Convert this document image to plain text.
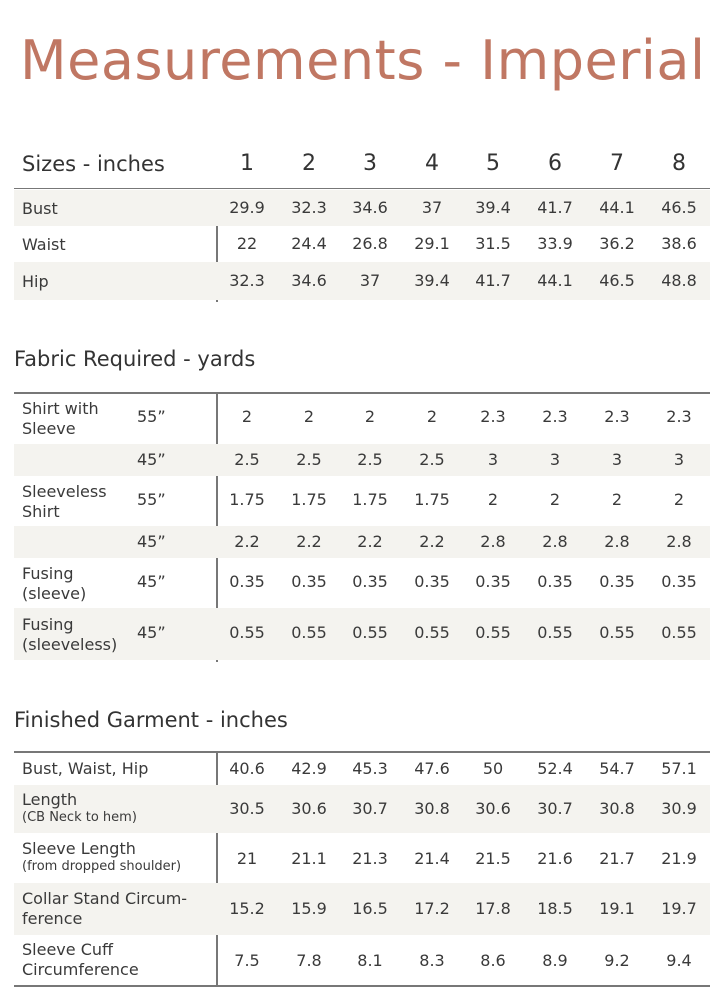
Measurements - Imperial
Sizes - inches	1	2	3	4	5	6	7	8
Bust	29.9	32.3	34.6	37	39.4	41.7	44.1	46.5
Waist	22	24.4	26.8	29.1	31.5	33.9	36.2	38.6
Hip	32.3	34.6	37	39.4	41.7	44.1	46.5	48.8
Fabric Required - yards
Shirt with
Sleeve
55”	2	2	2	2	2.3	2.3	2.3	2.3
45”	2.5	2.5	2.5	2.5	3	3	3	3
Sleeveless
Shirt
55”	1.75	1.75	1.75	1.75	2	2	2	2
45”	2.2	2.2	2.2	2.2	2.8	2.8	2.8	2.8
Fusing
(sleeve)
45”	0.35	0.35	0.35	0.35	0.35	0.35	0.35	0.35
Fusing
(sleeveless)
45”	0.55	0.55	0.55	0.55	0.55	0.55	0.55	0.55
Finished Garment - inches
Bust, Waist, Hip	40.6	42.9	45.3	47.6	50	52.4	54.7	57.1
Length
(CB Neck to hem)	30.5	30.6	30.7	30.8	30.6	30.7	30.8	30.9
Sleeve Length
(from dropped shoulder)	21	21.1	21.3	21.4	21.5	21.6	21.7	21.9
Collar Stand Circum-
ference
15.2	15.9	16.5	17.2	17.8	18.5	19.1	19.7
Sleeve Cuff
Circumference	7.5	7.8	8.1	8.3	8.6	8.9	9.2	9.4
